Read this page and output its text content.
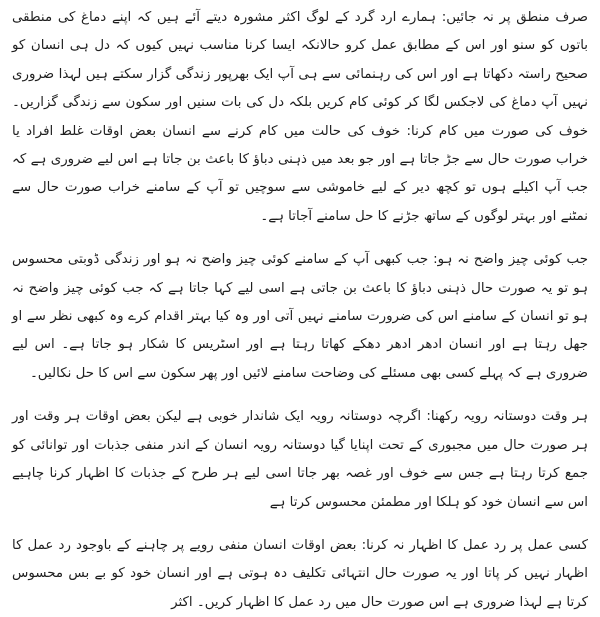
صرف منطق پر نہ جائیں: ہمارے ارد گرد کے لوگ اکثر مشورہ دیتے آئے ہیں کہ اپنے دماغ کی منطقی باتوں کو سنو اور اس کے مطابق عمل کرو حالانکہ ایسا کرنا مناسب نہیں کیوں کہ دل ہی انسان کو صحیح راستہ دکھاتا ہے اور اس کی رہنمائی سے ہی آپ ایک بھرپور زندگی گزار سکتے ہیں لہذا ضروری نہیں آپ دماغ کی لاجکس لگا کر کوئی کام کریں بلکہ دل کی بات سنیں اور سکون سے زندگی گزاریں۔ خوف کی صورت میں کام کرنا: خوف کی حالت میں کام کرنے سے انسان بعض اوقات غلط افراد یا خراب صورت حال سے جڑ جاتا ہے اور جو بعد میں ذہنی دباؤ کا باعث بن جاتا ہے اس لیے ضروری ہے کہ جب آپ اکیلے ہوں تو کچھ دیر کے لیے خاموشی سے سوچیں تو آپ کے سامنے خراب صورت حال سے نمٹنے اور بہتر لوگوں کے ساتھ جڑنے کا حل سامنے آجاتا ہے۔

جب کوئی چیز واضح نہ ہو: جب کبھی آپ کے سامنے کوئی چیز واضح نہ ہو اور زندگی ڈوبتی محسوس ہو تو یہ صورت حال ذہنی دباؤ کا باعث بن جاتی ہے اسی لیے کہا جاتا ہے کہ جب کوئی چیز واضح نہ ہو تو انسان کے سامنے اس کی ضرورت سامنے نہیں آتی اور وہ کیا بہتر اقدام کرے وہ کبھی نظر سے او جھل رہتا ہے اور انسان ادھر ادھر دھکے کھاتا رہتا ہے اور اسٹریس کا شکار ہو جاتا ہے۔ اس لیے ضروری ہے کہ پہلے کسی بھی مسئلے کی وضاحت سامنے لائیں اور پھر سکون سے اس کا حل نکالیں۔

ہر وقت دوستانہ رویہ رکھنا: اگرچہ دوستانہ رویہ ایک شاندار خوبی ہے لیکن بعض اوقات ہر وقت اور ہر صورت حال میں مجبوری کے تحت اپنایا گیا دوستانہ رویہ انسان کے اندر منفی جذبات اور توانائی کو جمع کرتا رہتا ہے جس سے خوف اور غصہ بھر جاتا اسی لیے ہر طرح کے جذبات کا اظہار کرنا چاہیے اس سے انسان خود کو ہلکا اور مطمئن محسوس کرتا ہے

کسی عمل پر رد عمل کا اظہار نہ کرنا: بعض اوقات انسان منفی رویے پر چاہنے کے باوجود رد عمل کا اظہار نہیں کر پاتا اور یہ صورت حال انتہائی تکلیف دہ ہوتی ہے اور انسان خود کو بے بس محسوس کرتا ہے لہذا ضروری ہے اس صورت حال میں رد عمل کا اظہار کریں۔ اکثر
